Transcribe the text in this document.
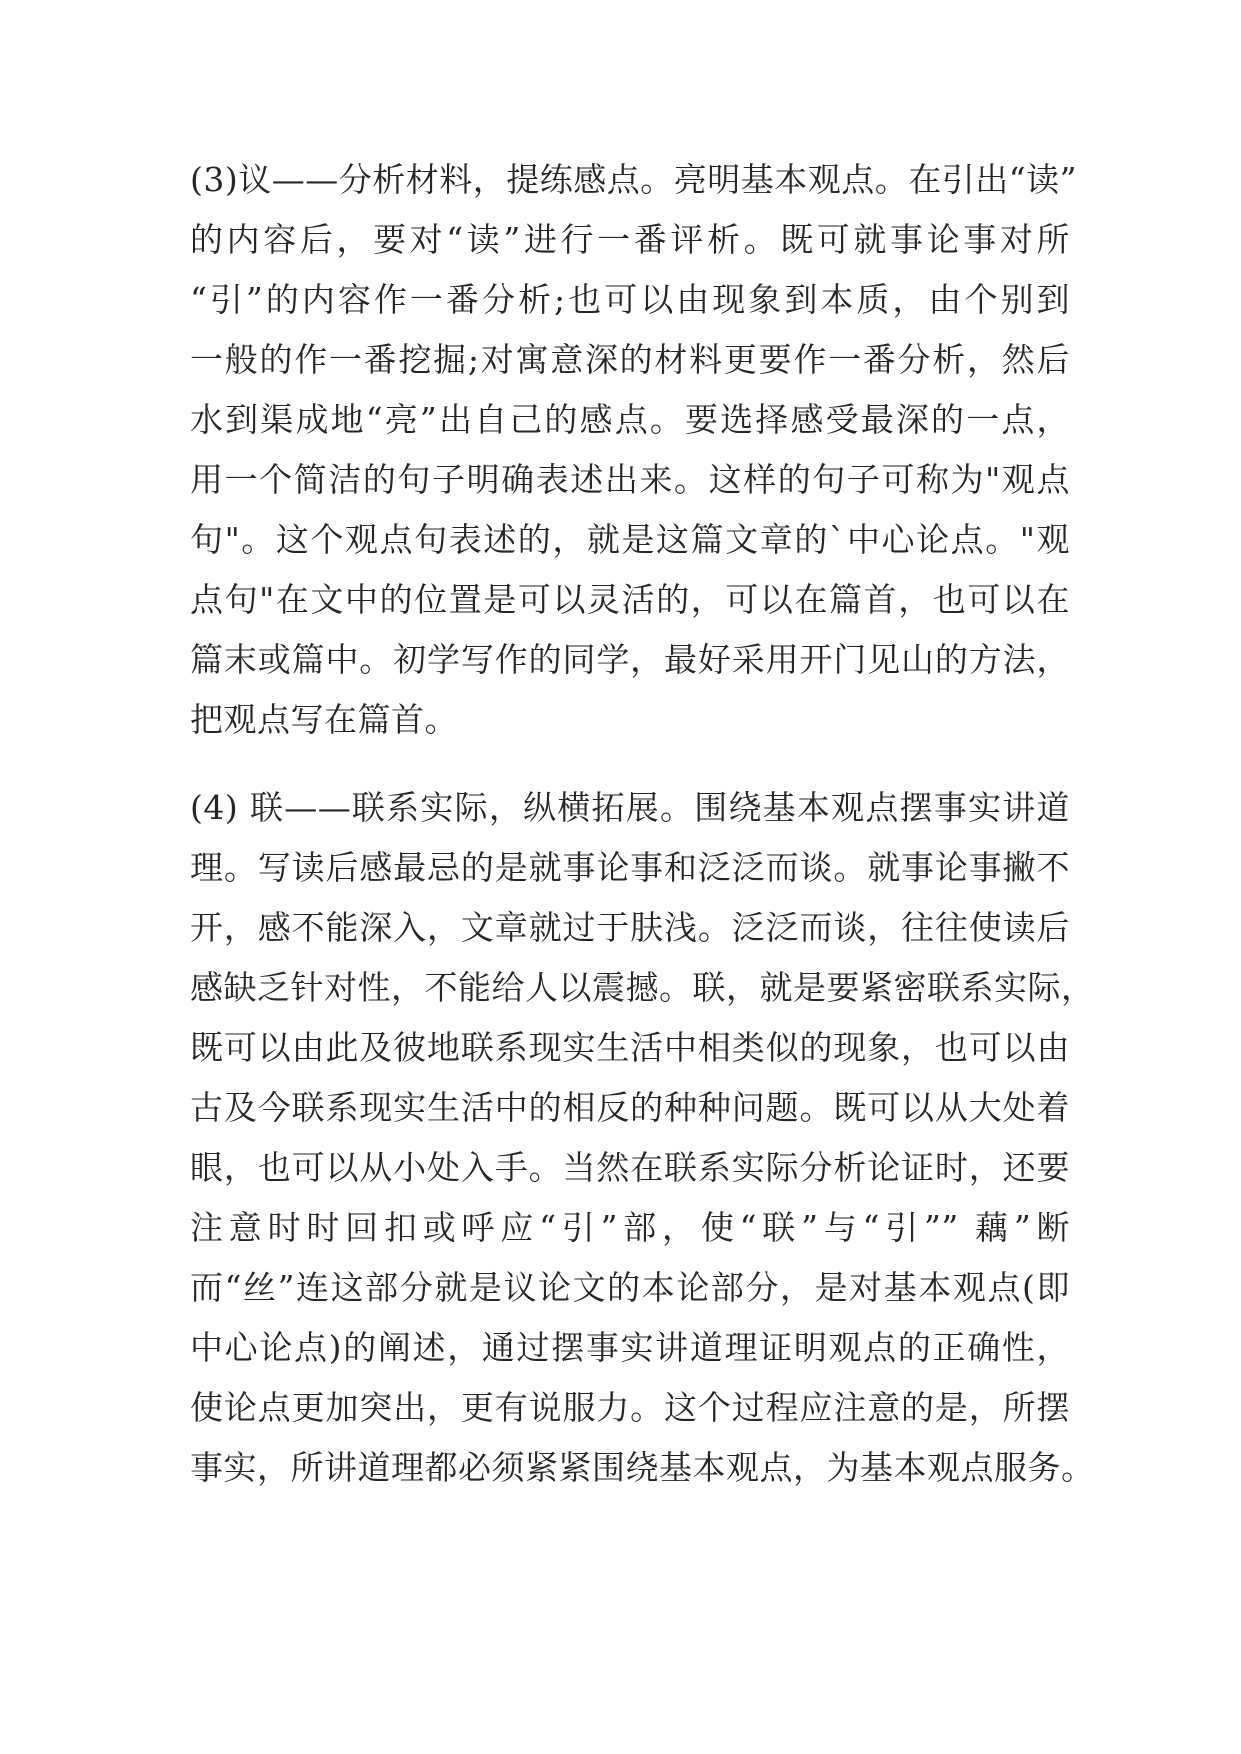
(3)议——分析材料，提练感点。亮明基本观点。在引出“读”
的内容后，要对“读”进行一番评析。既可就事论事对所
“引”的内容作一番分析;也可以由现象到本质，由个别到
一般的作一番挖掘;对寓意深的材料更要作一番分析，然后
水到渠成地“亮”出自己的感点。要选择感受最深的一点，
用一个简洁的句子明确表述出来。这样的句子可称为"观点
句"。这个观点句表述的，就是这篇文章的`中心论点。"观
点句"在文中的位置是可以灵活的，可以在篇首，也可以在
篇末或篇中。初学写作的同学，最好采用开门见山的方法，
把观点写在篇首。
(4) 联——联系实际，纵横拓展。围绕基本观点摆事实讲道
理。写读后感最忌的是就事论事和泛泛而谈。就事论事撇不
开，感不能深入，文章就过于肤浅。泛泛而谈，往往使读后
感缺乏针对性，不能给人以震撼。联，就是要紧密联系实际，
既可以由此及彼地联系现实生活中相类似的现象，也可以由
古及今联系现实生活中的相反的种种问题。既可以从大处着
眼，也可以从小处入手。当然在联系实际分析论证时，还要
注意时时回扣或呼应“引”部，使“联”与“引”” 藕”断
而“丝”连这部分就是议论文的本论部分，是对基本观点(即
中心论点)的阐述，通过摆事实讲道理证明观点的正确性，
使论点更加突出，更有说服力。这个过程应注意的是，所摆
事实，所讲道理都必须紧紧围绕基本观点，为基本观点服务。
